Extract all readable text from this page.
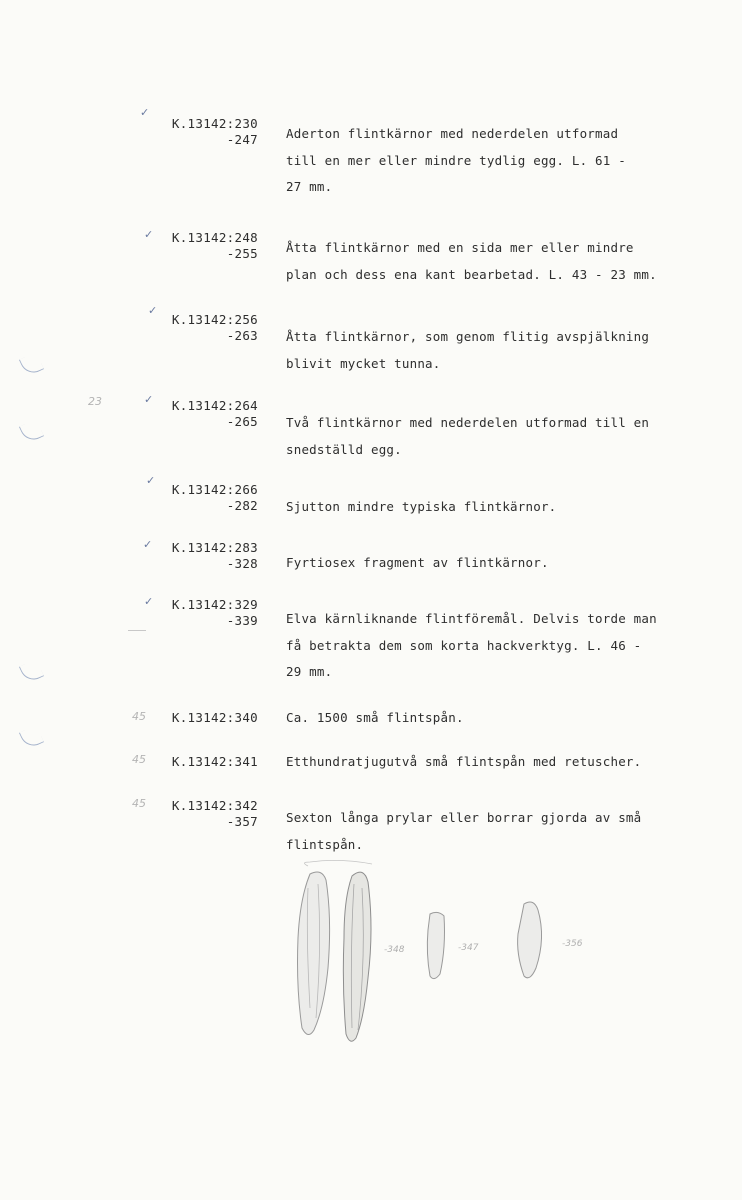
✓
✓
✓
✓
✓
✓
✓
23
45
45
45
K.13142:230
-247 Aderton flintkärnor med nederdelen utformad
till en mer eller mindre tydlig egg. L. 61 -
27 mm.
K.13142:248
-255 Åtta flintkärnor med en sida mer eller mindre
plan och dess ena kant bearbetad. L. 43 - 23 mm.
K.13142:256
-263 Åtta flintkärnor, som genom flitig avspjälkning
blivit mycket tunna.
K.13142:264
-265 Två flintkärnor med nederdelen utformad till en
snedställd egg.
K.13142:266
-282 Sjutton mindre typiska flintkärnor.
K.13142:283
-328 Fyrtiosex fragment av flintkärnor.
K.13142:329
-339 Elva kärnliknande flintföremål. Delvis torde man
få betrakta dem som korta hackverktyg. L. 46 -
29 mm.
K.13142:340 Ca. 1500 små flintspån.
K.13142:341 Etthundratjugutvå små flintspån med retuscher.
K.13142:342
-357 Sexton långa prylar eller borrar gjorda av små
flintspån.
-348	-347	-356
